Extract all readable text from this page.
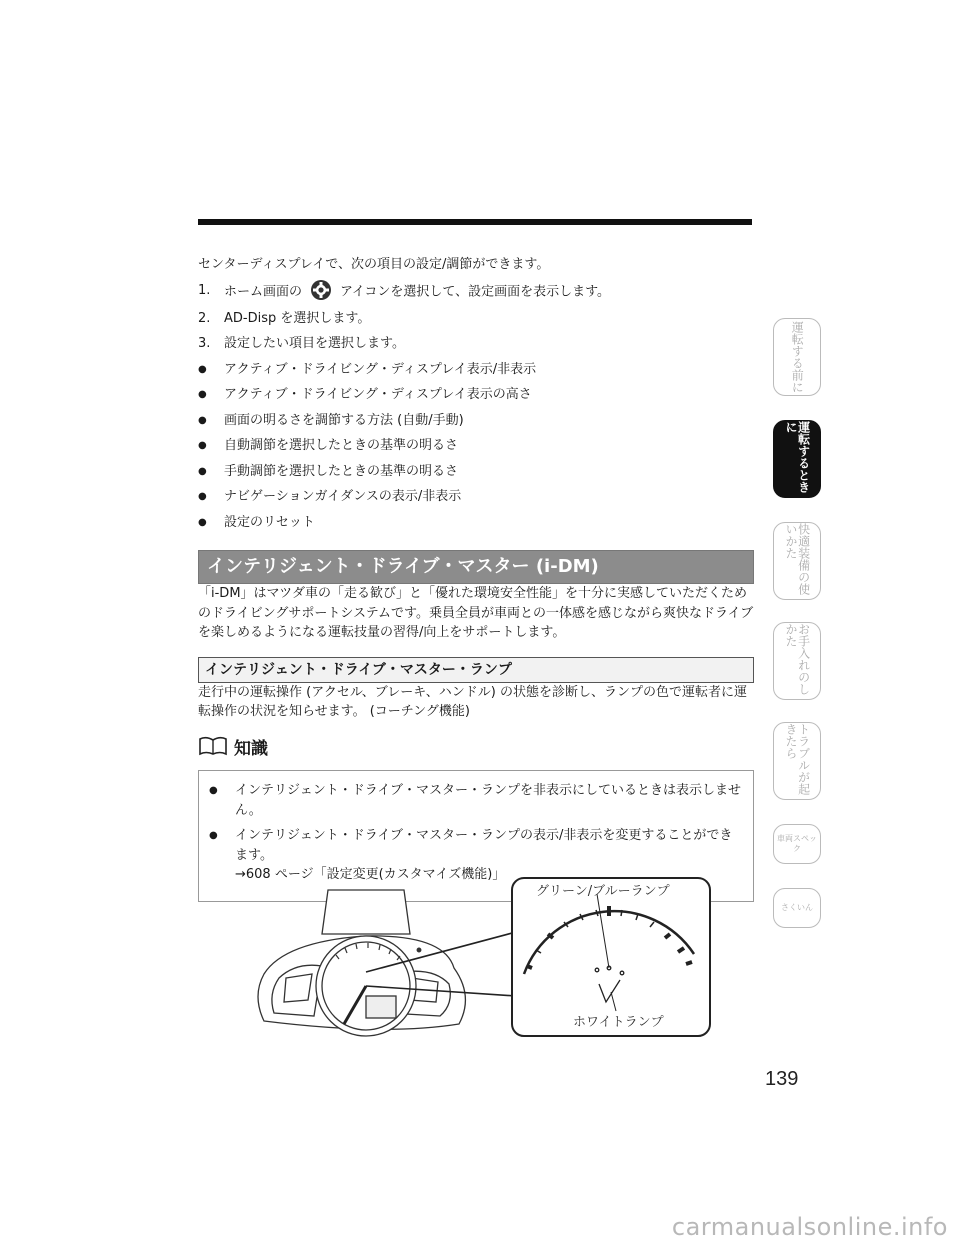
センターディスプレイで、次の項目の設定/調節ができます。

1.	ホーム画面の	アイコンを選択して、設定画面を表示します。
2.	AD-Disp を選択します。
3.	設定したい項目を選択します。
● アクティブ・ドライビング・ディスプレイ表示/非表示
● アクティブ・ドライビング・ディスプレイ表示の高さ
● 画面の明るさを調節する方法 (自動/手動)
● 自動調節を選択したときの基準の明るさ
● 手動調節を選択したときの基準の明るさ
● ナビゲーションガイダンスの表示/非表示
● 設定のリセット
インテリジェント・ドライブ・マスター (i-DM)

「i-DM」はマツダ車の「走る歓び」と「優れた環境安全性能」を十分に実感していただくためのドライビングサポートシステムです。乗員全員が車両との一体感を感じながら爽快なドライブを楽しめるようになる運転技量の習得/向上をサポートします。

インテリジェント・ドライブ・マスター・ランプ

走行中の運転操作 (アクセル、ブレーキ、ハンドル) の状態を診断し、ランプの色で運転者に運転操作の状況を知らせます。 (コーチング機能)

知識
● インテリジェント・ドライブ・マスター・ランプを非表示にしているときは表示しません。
● インテリジェント・ドライブ・マスター・ランプの表示/非表示を変更することができます。
→608 ページ「設定変更(カスタマイズ機能)」
グリーン/ブルーランプ
ホワイトランプ
運転する前に
運転するときに
快適装備の使いかた
お手入れのしかた
トラブルが起きたら
車両スペック
さくいん
139
carmanualsonline.info
